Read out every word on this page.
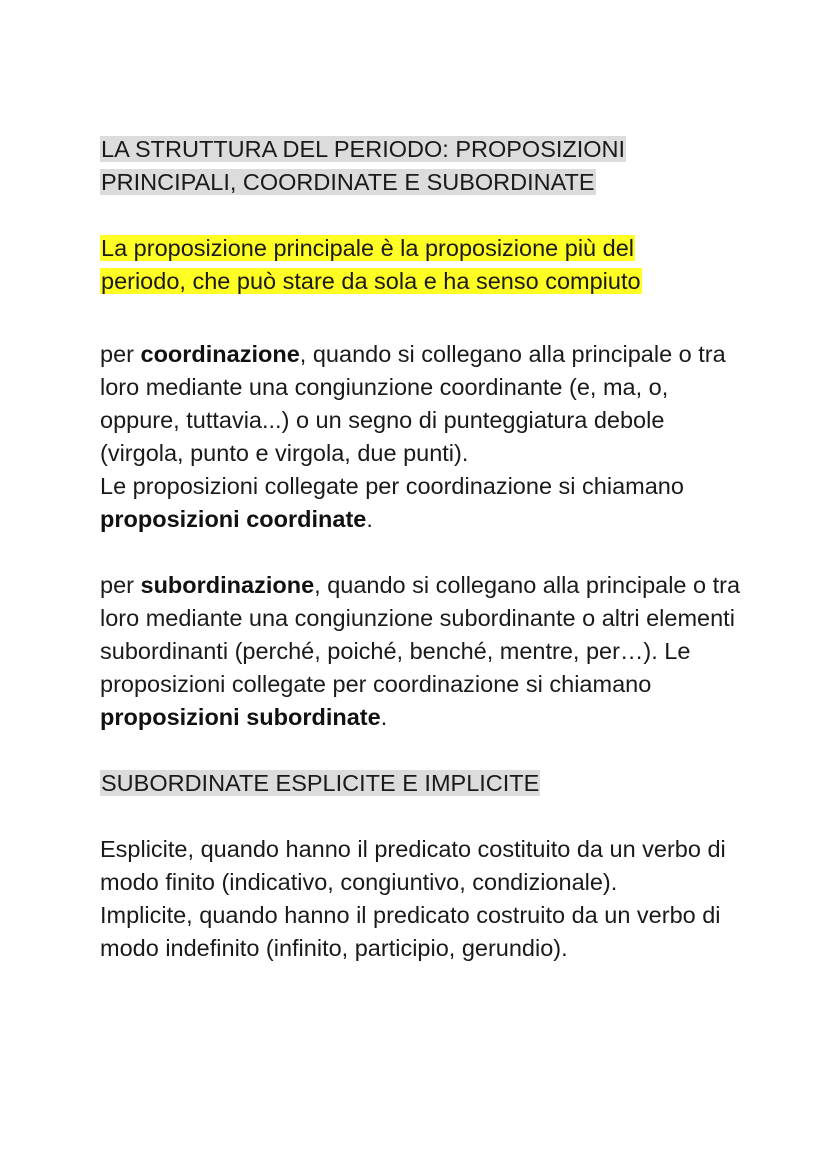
LA STRUTTURA DEL PERIODO: PROPOSIZIONI
PRINCIPALI, COORDINATE E SUBORDINATE

La proposizione principale è la proposizione più del
periodo, che può stare da sola e ha senso compiuto

per coordinazione, quando si collegano alla principale o tra loro mediante una congiunzione coordinante (e, ma, o, oppure, tuttavia...) o un segno di punteggiatura debole (virgola, punto e virgola, due punti).
Le proposizioni collegate per coordinazione si chiamano
proposizioni coordinate.

per subordinazione, quando si collegano alla principale o tra loro mediante una congiunzione subordinante o altri elementi subordinanti (perché, poiché, benché, mentre, per…). Le proposizioni collegate per coordinazione si chiamano proposizioni subordinate.

SUBORDINATE ESPLICITE E IMPLICITE

Esplicite, quando hanno il predicato costituito da un verbo di modo finito (indicativo, congiuntivo, condizionale).

Implicite, quando hanno il predicato costruito da un verbo di modo indefinito (infinito, participio, gerundio).
